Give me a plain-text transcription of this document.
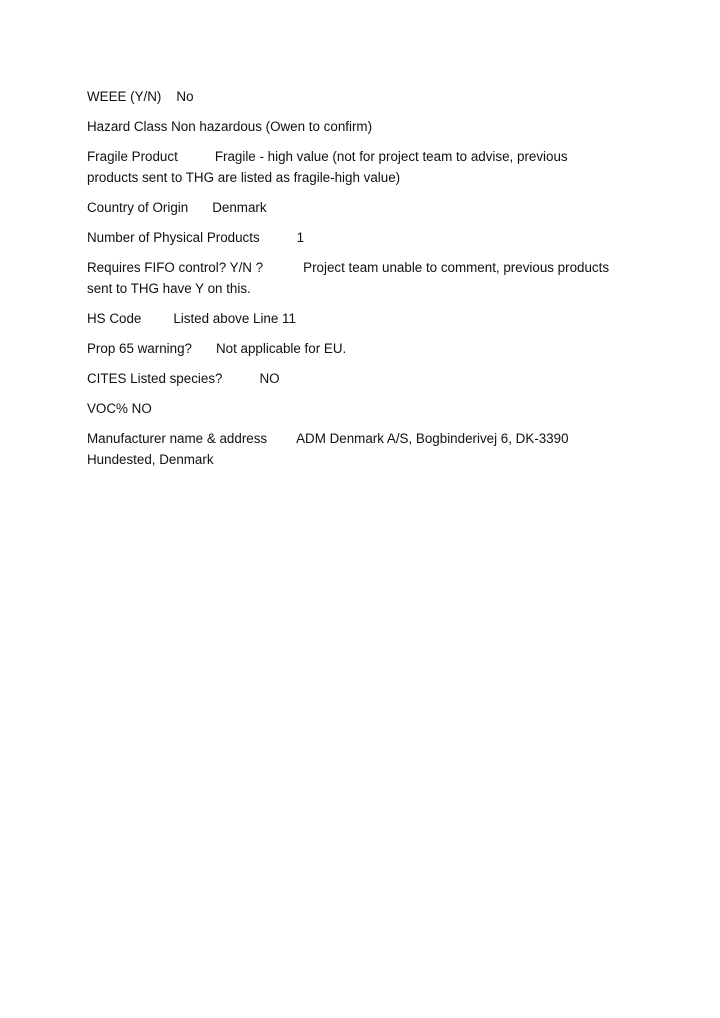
WEEE (Y/N) No

Hazard Class Non hazardous (Owen to confirm)

Fragile Product	Fragile - high value (not for project team to advise, previous
products sent to THG are listed as fragile-high value)

Country of Origin Denmark

Number of Physical Products	1

Requires FIFO control? Y/N ?	Project team unable to comment, previous products
sent to THG have Y on this.

HS Code Listed above Line 11

Prop 65 warning? Not applicable for EU.

CITES Listed species?	NO

VOC% NO

Manufacturer name & address ADM Denmark A/S, Bogbinderivej 6, DK-3390
Hundested, Denmark
